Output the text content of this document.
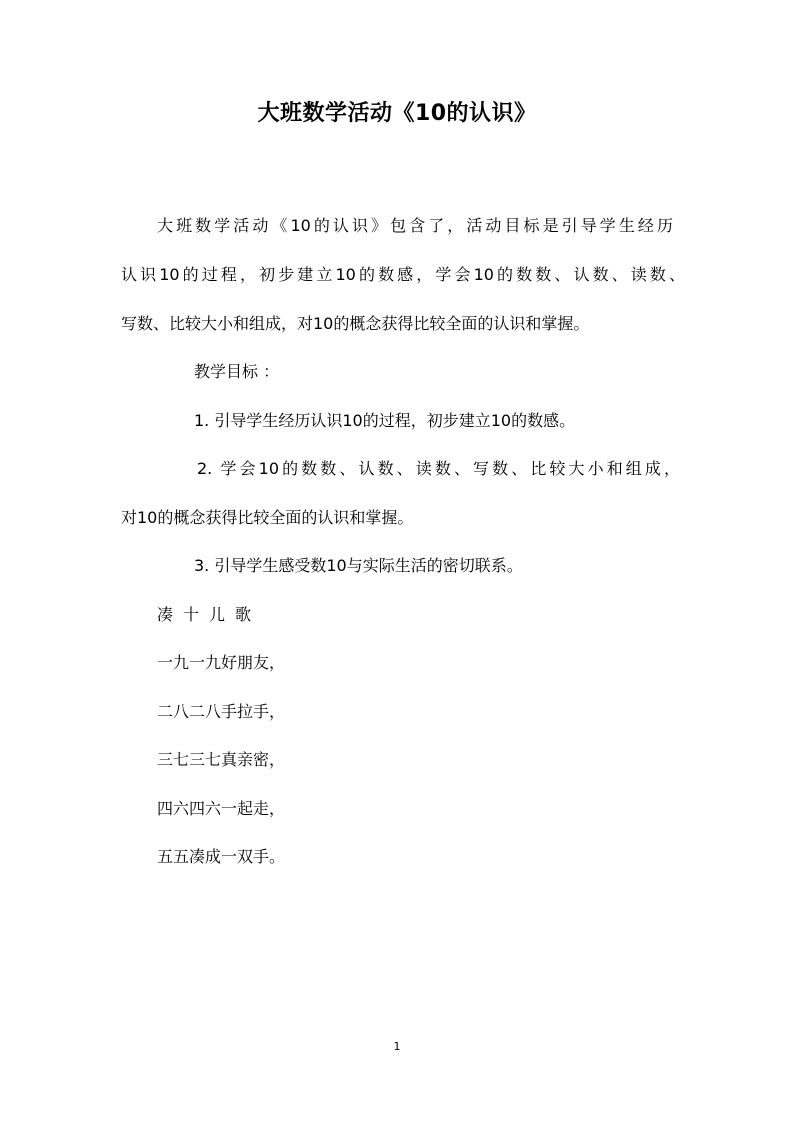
大班数学活动《10的认识》
大班数学活动《10的认识》包含了，活动目标是引导学生经历
认识10的过程，初步建立10的数感，学会10的数数、认数、读数、
写数、比较大小和组成，对10的概念获得比较全面的认识和掌握。
教学目标 ：
1. 引导学生经历认识10的过程，初步建立10的数感。
2. 学会10的数数、认数、读数、写数、比较大小和组成，
对10的概念获得比较全面的认识和掌握。
3. 引导学生感受数10与实际生活的密切联系。
凑十儿歌
一九一九好朋友，
二八二八手拉手，
三七三七真亲密，
四六四六一起走，
五五凑成一双手。
1
